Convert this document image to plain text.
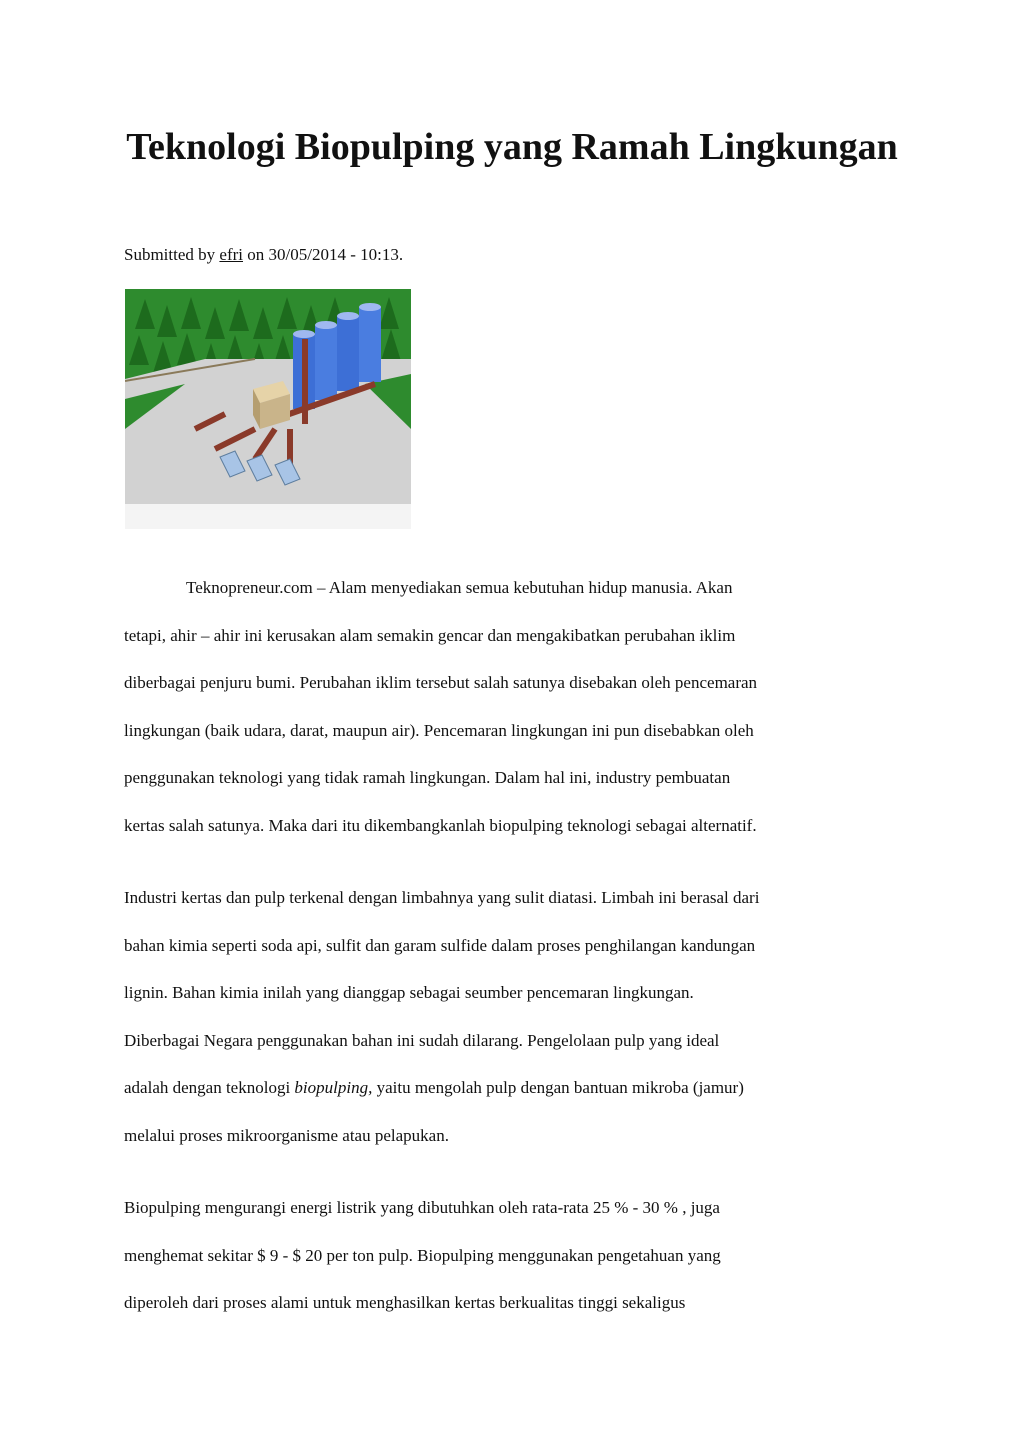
Teknologi Biopulping yang Ramah Lingkungan
Submitted by efri on 30/05/2014 - 10:13.
Teknopreneur.com – Alam menyediakan semua kebutuhan hidup manusia. Akan
tetapi, ahir – ahir ini kerusakan alam semakin gencar dan mengakibatkan perubahan iklim
diberbagai penjuru bumi. Perubahan iklim tersebut salah satunya disebakan oleh pencemaran
lingkungan (baik udara, darat, maupun air). Pencemaran lingkungan ini pun disebabkan oleh
penggunakan teknologi yang tidak ramah lingkungan. Dalam hal ini, industry pembuatan
kertas salah satunya. Maka dari itu dikembangkanlah biopulping teknologi sebagai alternatif.
Industri kertas dan pulp terkenal dengan limbahnya yang sulit diatasi. Limbah ini berasal dari
bahan kimia seperti soda api, sulfit dan garam sulfide dalam proses penghilangan kandungan
lignin. Bahan kimia inilah yang dianggap sebagai seumber pencemaran lingkungan.
Diberbagai Negara penggunakan bahan ini sudah dilarang. Pengelolaan pulp yang ideal
adalah dengan teknologi biopulping, yaitu mengolah pulp dengan bantuan mikroba (jamur)
melalui proses mikroorganisme atau pelapukan.
Biopulping mengurangi energi listrik yang dibutuhkan oleh rata-rata 25 % - 30 % , juga
menghemat sekitar $ 9 - $ 20 per ton pulp. Biopulping menggunakan pengetahuan yang
diperoleh dari proses alami untuk menghasilkan kertas berkualitas tinggi sekaligus
